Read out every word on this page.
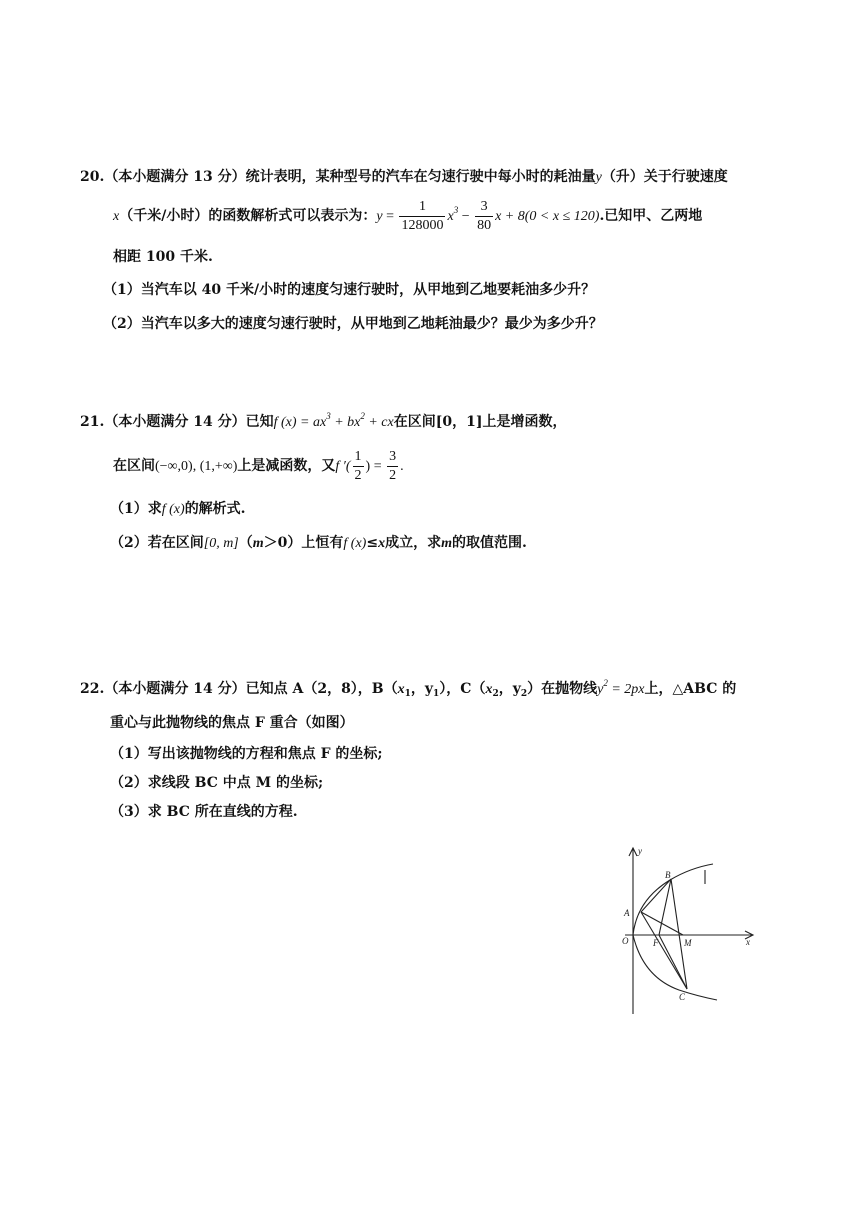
20.（本小题满分 13 分）统计表明，某种型号的汽车在匀速行驶中每小时的耗油量y（升）关于行驶速度
x（千米/小时）的函数解析式可以表示为：$y = \frac{1}{128000} x^3 - \frac{3}{80}$ x + 8(0 < x ≤ 120).已知甲、乙两地
相距 100 千米.
（1）当汽车以 40 千米/小时的速度匀速行驶时，从甲地到乙地要耗油多少升？
（2）当汽车以多大的速度匀速行驶时，从甲地到乙地耗油最少？最少为多少升？
21.（本小题满分 14 分）已知f $(x) = ax^3 + bx^2$ + cx在区间[0，1]上是增函数，
在区间(−∞,0), (1,+∞)上是减函数，又f ′( $\frac{1}{2}$ ) = $\frac{3}{2}$ .
（1）求f (x)的解析式.
（2）若在区间[0, m]（m＞0）上恒有f (x)≤x成立，求m的取值范围.
22.（本小题满分 14 分）已知点 A（2，8），$B(x_1$，$y_1$），$C(x_2$，$y_2$）在抛物线$y^2 = 2px$上，△ABC 的
重心与此抛物线的焦点 F 重合（如图）
（1）写出该抛物线的方程和焦点 F 的坐标;
（2）求线段 BC 中点 M 的坐标;
（3）求 BC 所在直线的方程.
y
x
O
A
B
C
F	M
